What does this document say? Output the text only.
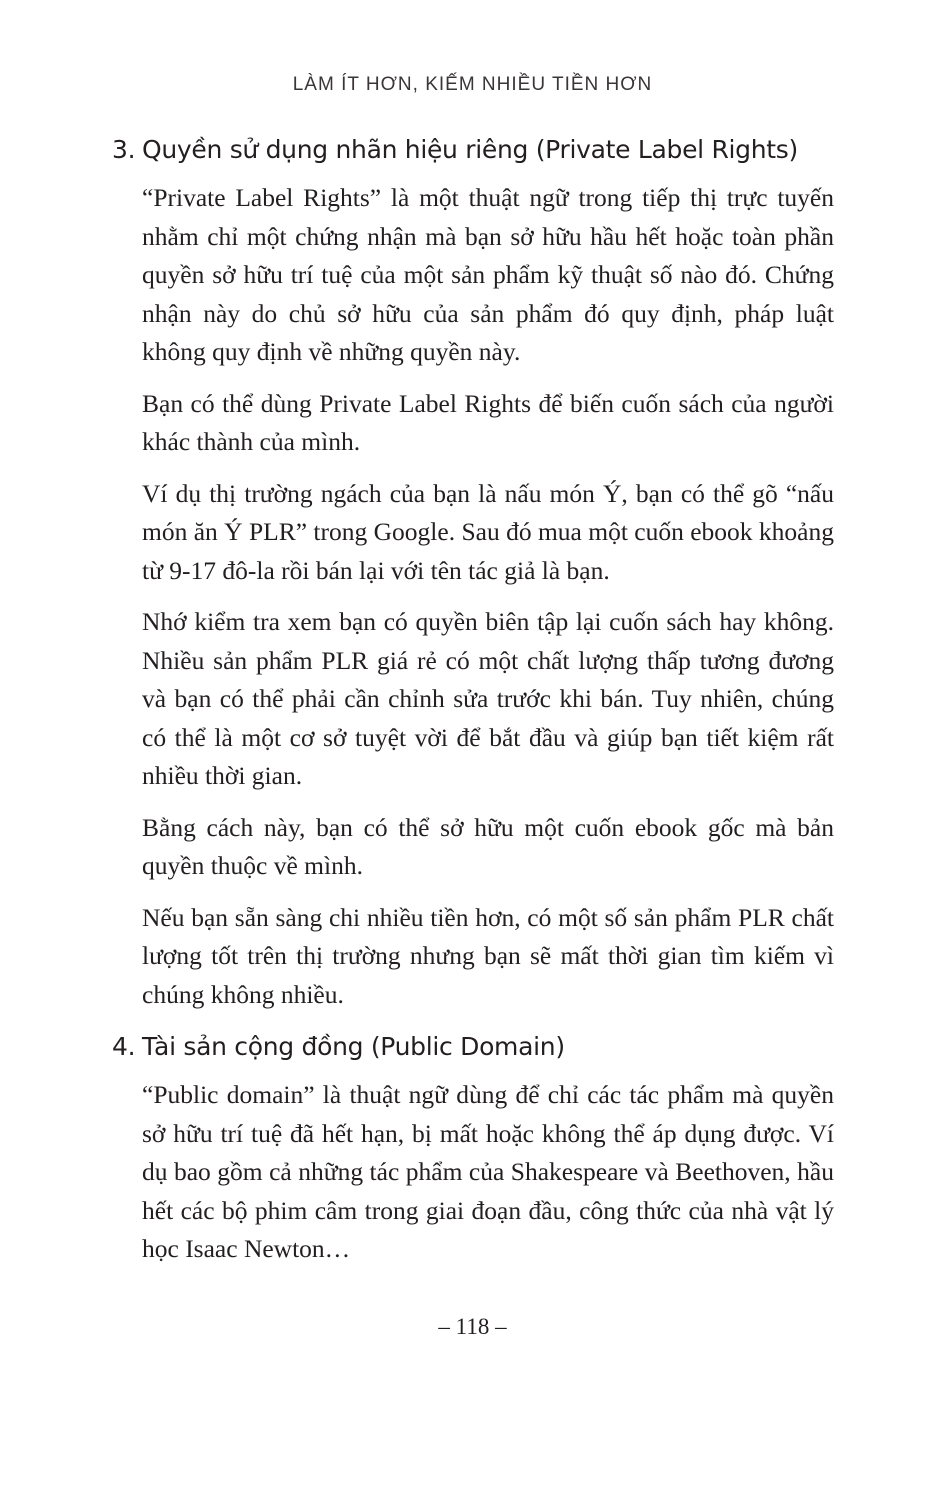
LÀM ÍT HƠN, KIẾM NHIỀU TIỀN HƠN
3. Quyền sử dụng nhãn hiệu riêng (Private Label Rights)

“Private Label Rights” là một thuật ngữ trong tiếp thị trực tuyến nhằm chỉ một chứng nhận mà bạn sở hữu hầu hết hoặc toàn phần quyền sở hữu trí tuệ của một sản phẩm kỹ thuật số nào đó. Chứng nhận này do chủ sở hữu của sản phẩm đó quy định, pháp luật không quy định về những quyền này.

Bạn có thể dùng Private Label Rights để biến cuốn sách của người khác thành của mình.

Ví dụ thị trường ngách của bạn là nấu món Ý, bạn có thể gõ “nấu món ăn Ý PLR” trong Google. Sau đó mua một cuốn ebook khoảng từ 9-17 đô-la rồi bán lại với tên tác giả là bạn.

Nhớ kiểm tra xem bạn có quyền biên tập lại cuốn sách hay không. Nhiều sản phẩm PLR giá rẻ có một chất lượng thấp tương đương và bạn có thể phải cần chỉnh sửa trước khi bán. Tuy nhiên, chúng có thể là một cơ sở tuyệt vời để bắt đầu và giúp bạn tiết kiệm rất nhiều thời gian.

Bằng cách này, bạn có thể sở hữu một cuốn ebook gốc mà bản quyền thuộc về mình.

Nếu bạn sẵn sàng chi nhiều tiền hơn, có một số sản phẩm PLR chất lượng tốt trên thị trường nhưng bạn sẽ mất thời gian tìm kiếm vì chúng không nhiều.

4. Tài sản cộng đồng (Public Domain)

“Public domain” là thuật ngữ dùng để chỉ các tác phẩm mà quyền sở hữu trí tuệ đã hết hạn, bị mất hoặc không thể áp dụng được. Ví dụ bao gồm cả những tác phẩm của Shakespeare và Beethoven, hầu hết các bộ phim câm trong giai đoạn đầu, công thức của nhà vật lý học Isaac Newton…

– 118 –
